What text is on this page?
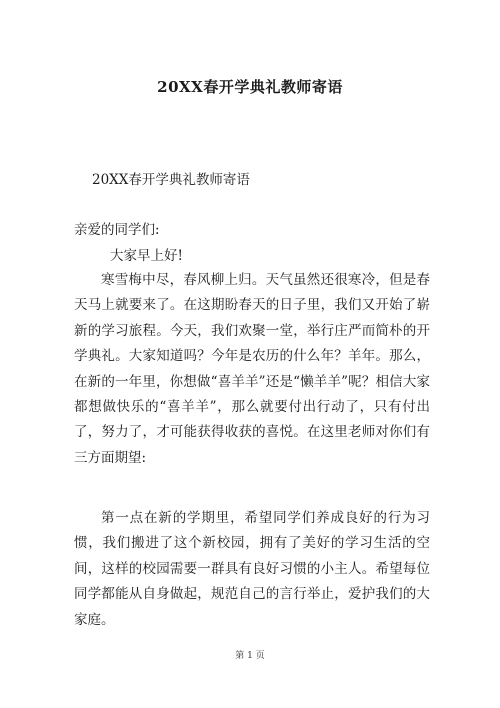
20XX春开学典礼教师寄语
20XX春开学典礼教师寄语
亲爱的同学们:
大家早上好!
寒雪梅中尽，春风柳上归。天气虽然还很寒冷，但是春天马上就要来了。在这期盼春天的日子里，我们又开始了崭新的学习旅程。今天，我们欢聚一堂，举行庄严而简朴的开学典礼。大家知道吗？今年是农历的什么年？羊年。那么，在新的一年里，你想做“喜羊羊”还是“懒羊羊”呢？相信大家都想做快乐的“喜羊羊”，那么就要付出行动了，只有付出了，努力了，才可能获得收获的喜悦。在这里老师对你们有三方面期望:
第一点在新的学期里，希望同学们养成良好的行为习惯，我们搬进了这个新校园，拥有了美好的学习生活的空间，这样的校园需要一群具有良好习惯的小主人。希望每位同学都能从自身做起，规范自己的言行举止，爱护我们的大家庭。
第 1 页
